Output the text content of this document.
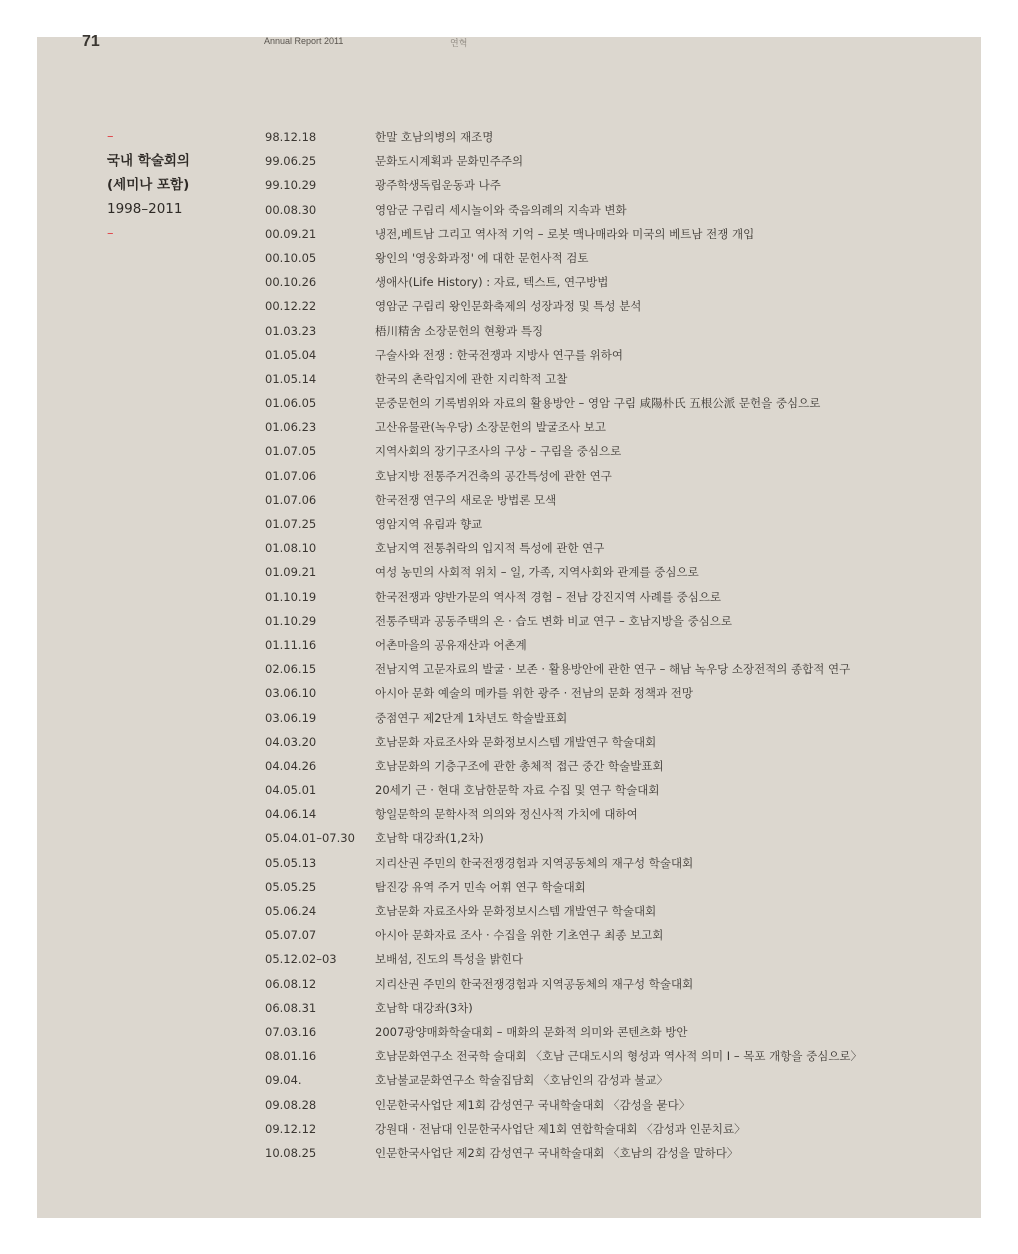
71	Annual Report 2011	연혁
–
국내 학술회의
(세미나 포함)
1998–2011
–
98.12.18	한말 호남의병의 재조명
99.06.25	문화도시계획과 문화민주주의
99.10.29	광주학생독립운동과 나주
00.08.30	영암군 구림리 세시놀이와 죽음의례의 지속과 변화
00.09.21	냉전,베트남 그리고 역사적 기억 – 로봇 맥나매라와 미국의 베트남 전쟁 개입
00.10.05	왕인의 '영웅화과정' 에 대한 문헌사적 검토
00.10.26	생애사(Life History) : 자료, 텍스트, 연구방법
00.12.22	영암군 구림리 왕인문화축제의 성장과정 및 특성 분석
01.03.23	梧川精舍 소장문헌의 현황과 특징
01.05.04	구술사와 전쟁 : 한국전쟁과 지방사 연구를 위하여
01.05.14	한국의 촌락입지에 관한 지리학적 고찰
01.06.05	문중문헌의 기록범위와 자료의 활용방안 – 영암 구림 咸陽朴氏 五根公派 문헌을 중심으로
01.06.23	고산유물관(녹우당) 소장문헌의 발굴조사 보고
01.07.05	지역사회의 장기구조사의 구상 – 구림을 중심으로
01.07.06	호남지방 전통주거건축의 공간특성에 관한 연구
01.07.06	한국전쟁 연구의 새로운 방법론 모색
01.07.25	영암지역 유림과 향교
01.08.10	호남지역 전통취락의 입지적 특성에 관한 연구
01.09.21	여성 농민의 사회적 위치 – 일, 가족, 지역사회와 관계를 중심으로
01.10.19	한국전쟁과 양반가문의 역사적 경험 – 전남 강진지역 사례를 중심으로
01.10.29	전통주택과 공동주택의 온 · 습도 변화 비교 연구 – 호남지방을 중심으로
01.11.16	어촌마을의 공유재산과 어촌계
02.06.15	전남지역 고문자료의 발굴 · 보존 · 활용방안에 관한 연구 – 해남 녹우당 소장전적의 종합적 연구
03.06.10	아시아 문화 예술의 메카를 위한 광주 · 전남의 문화 정책과 전망
03.06.19	중점연구 제2단계 1차년도 학술발표회
04.03.20	호남문화 자료조사와 문화정보시스템 개발연구 학술대회
04.04.26	호남문화의 기층구조에 관한 총체적 접근 중간 학술발표회
04.05.01	20세기 근 · 현대 호남한문학 자료 수집 및 연구 학술대회
04.06.14	항일문학의 문학사적 의의와 정신사적 가치에 대하여
05.04.01–07.30	호남학 대강좌(1,2차)
05.05.13	지리산권 주민의 한국전쟁경험과 지역공동체의 재구성 학술대회
05.05.25	탐진강 유역 주거 민속 어휘 연구 학술대회
05.06.24	호남문화 자료조사와 문화정보시스템 개발연구 학술대회
05.07.07	아시아 문화자료 조사 · 수집을 위한 기초연구 최종 보고회
05.12.02–03	보배섬, 진도의 특성을 밝힌다
06.08.12	지리산권 주민의 한국전쟁경험과 지역공동체의 재구성 학술대회
06.08.31	호남학 대강좌(3차)
07.03.16	2007광양매화학술대회 – 매화의 문화적 의미와 콘텐츠화 방안
08.01.16	호남문화연구소 전국학 술대회 〈호남 근대도시의 형성과 역사적 의미 I – 목포 개항을 중심으로〉
09.04.	호남불교문화연구소 학술집담회 〈호남인의 감성과 불교〉
09.08.28	인문한국사업단 제1회 감성연구 국내학술대회 〈감성을 묻다〉
09.12.12	강원대 · 전남대 인문한국사업단 제1회 연합학술대회 〈감성과 인문치료〉
10.08.25	인문한국사업단 제2회 감성연구 국내학술대회 〈호남의 감성을 말하다〉
